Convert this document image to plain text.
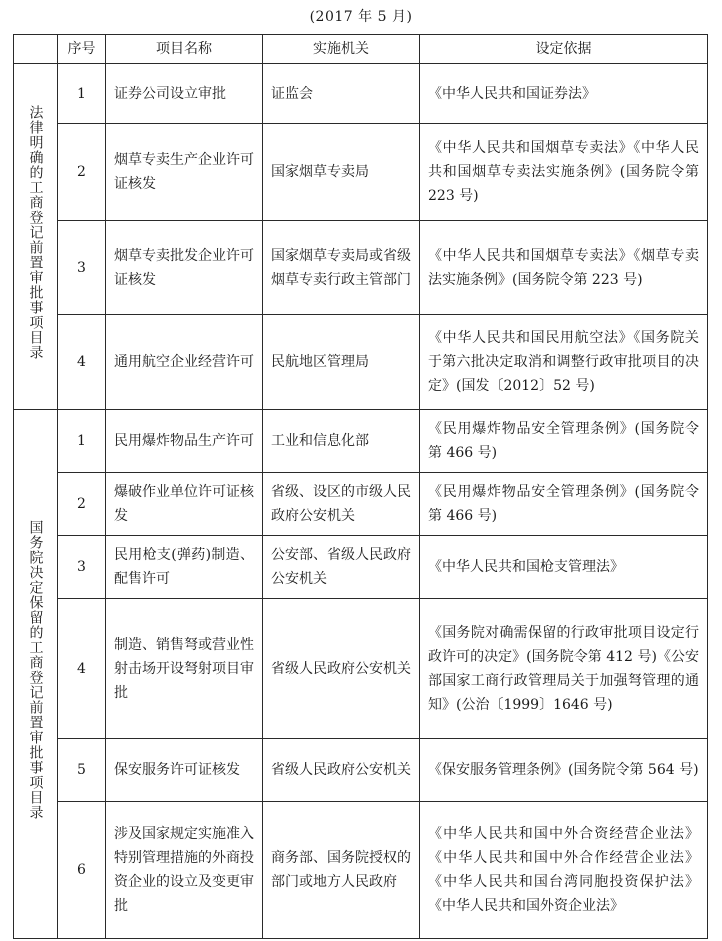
(2017 年 5 月)
	序号	项目名称	实施机关	设定依据
法律明确的工商登记前置审批事项目录	1	证券公司设立审批	证监会	《中华人民共和国证券法》
	2	烟草专卖生产企业许可证核发	国家烟草专卖局	《中华人民共和国烟草专卖法》《中华人民共和国烟草专卖法实施条例》(国务院令第 223 号)
	3	烟草专卖批发企业许可证核发	国家烟草专卖局或省级烟草专卖行政主管部门	《中华人民共和国烟草专卖法》《烟草专卖法实施条例》(国务院令第 223 号)
	4	通用航空企业经营许可	民航地区管理局	《中华人民共和国民用航空法》《国务院关于第六批决定取消和调整行政审批项目的决定》(国发〔2012〕52 号)
国务院决定保留的工商登记前置审批事项目录	1	民用爆炸物品生产许可	工业和信息化部	《民用爆炸物品安全管理条例》(国务院令第 466 号)
	2	爆破作业单位许可证核发	省级、设区的市级人民政府公安机关	《民用爆炸物品安全管理条例》(国务院令第 466 号)
	3	民用枪支(弹药)制造、配售许可	公安部、省级人民政府公安机关	《中华人民共和国枪支管理法》
	4	制造、销售弩或营业性射击场开设弩射项目审批	省级人民政府公安机关	《国务院对确需保留的行政审批项目设定行政许可的决定》(国务院令第 412 号)《公安部国家工商行政管理局关于加强弩管理的通知》(公治〔1999〕1646 号)
	5	保安服务许可证核发	省级人民政府公安机关	《保安服务管理条例》(国务院令第 564 号)
	6	涉及国家规定实施准入特别管理措施的外商投资企业的设立及变更审批	商务部、国务院授权的部门或地方人民政府	《中华人民共和国中外合资经营企业法》《中华人民共和国中外合作经营企业法》《中华人民共和国台湾同胞投资保护法》《中华人民共和国外资企业法》
